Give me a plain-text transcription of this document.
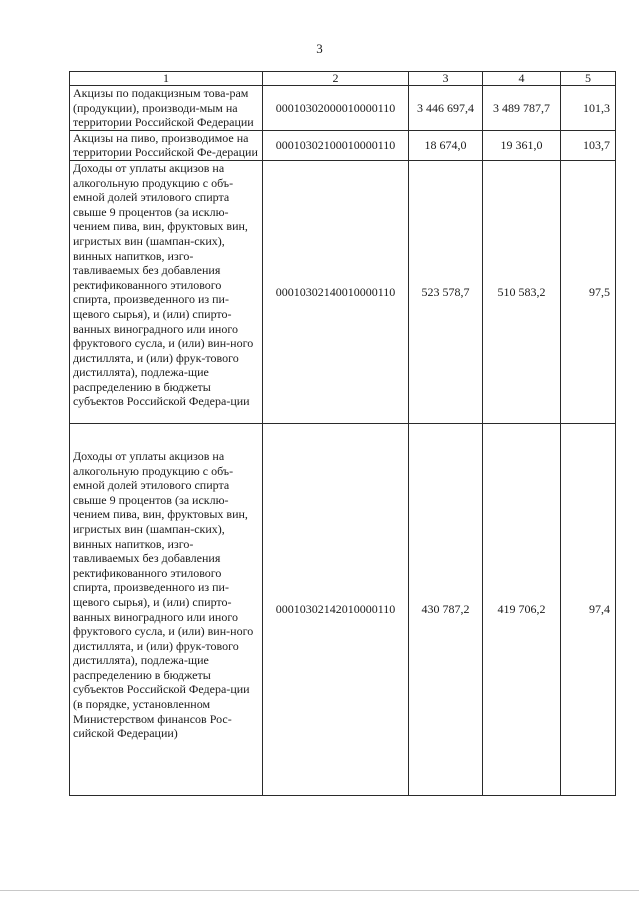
3
1	2	3	4	5
Акцизы по подакцизным това-рам (продукции), производи-мым на территории Российской Федерации	00010302000010000110	3 446 697,4	3 489 787,7	101,3
Акцизы на пиво, производимое на территории Российской Фе-дерации	00010302100010000110	18 674,0	19 361,0	103,7
Доходы от уплаты акцизов на алкогольную продукцию с объ-емной долей этилового спирта свыше 9 процентов (за исклю-чением пива, вин, фруктовых вин, игристых вин (шампан-ских), винных напитков, изго-тавливаемых без добавления ректификованного этилового спирта, произведенного из пи-щевого сырья), и (или) спирто-ванных виноградного или иного фруктового сусла, и (или) вин-ного дистиллята, и (или) фрук-тового дистиллята), подлежа-щие распределению в бюджеты субъектов Российской Федера-ции	00010302140010000110	523 578,7	510 583,2	97,5
Доходы от уплаты акцизов на алкогольную продукцию с объ-емной долей этилового спирта свыше 9 процентов (за исклю-чением пива, вин, фруктовых вин, игристых вин (шампан-ских), винных напитков, изго-тавливаемых без добавления ректификованного этилового спирта, произведенного из пи-щевого сырья), и (или) спирто-ванных виноградного или иного фруктового сусла, и (или) вин-ного дистиллята, и (или) фрук-тового дистиллята), подлежа-щие распределению в бюджеты субъектов Российской Федера-ции (в порядке, установленном Министерством финансов Рос-сийской Федерации)	00010302142010000110	430 787,2	419 706,2	97,4
